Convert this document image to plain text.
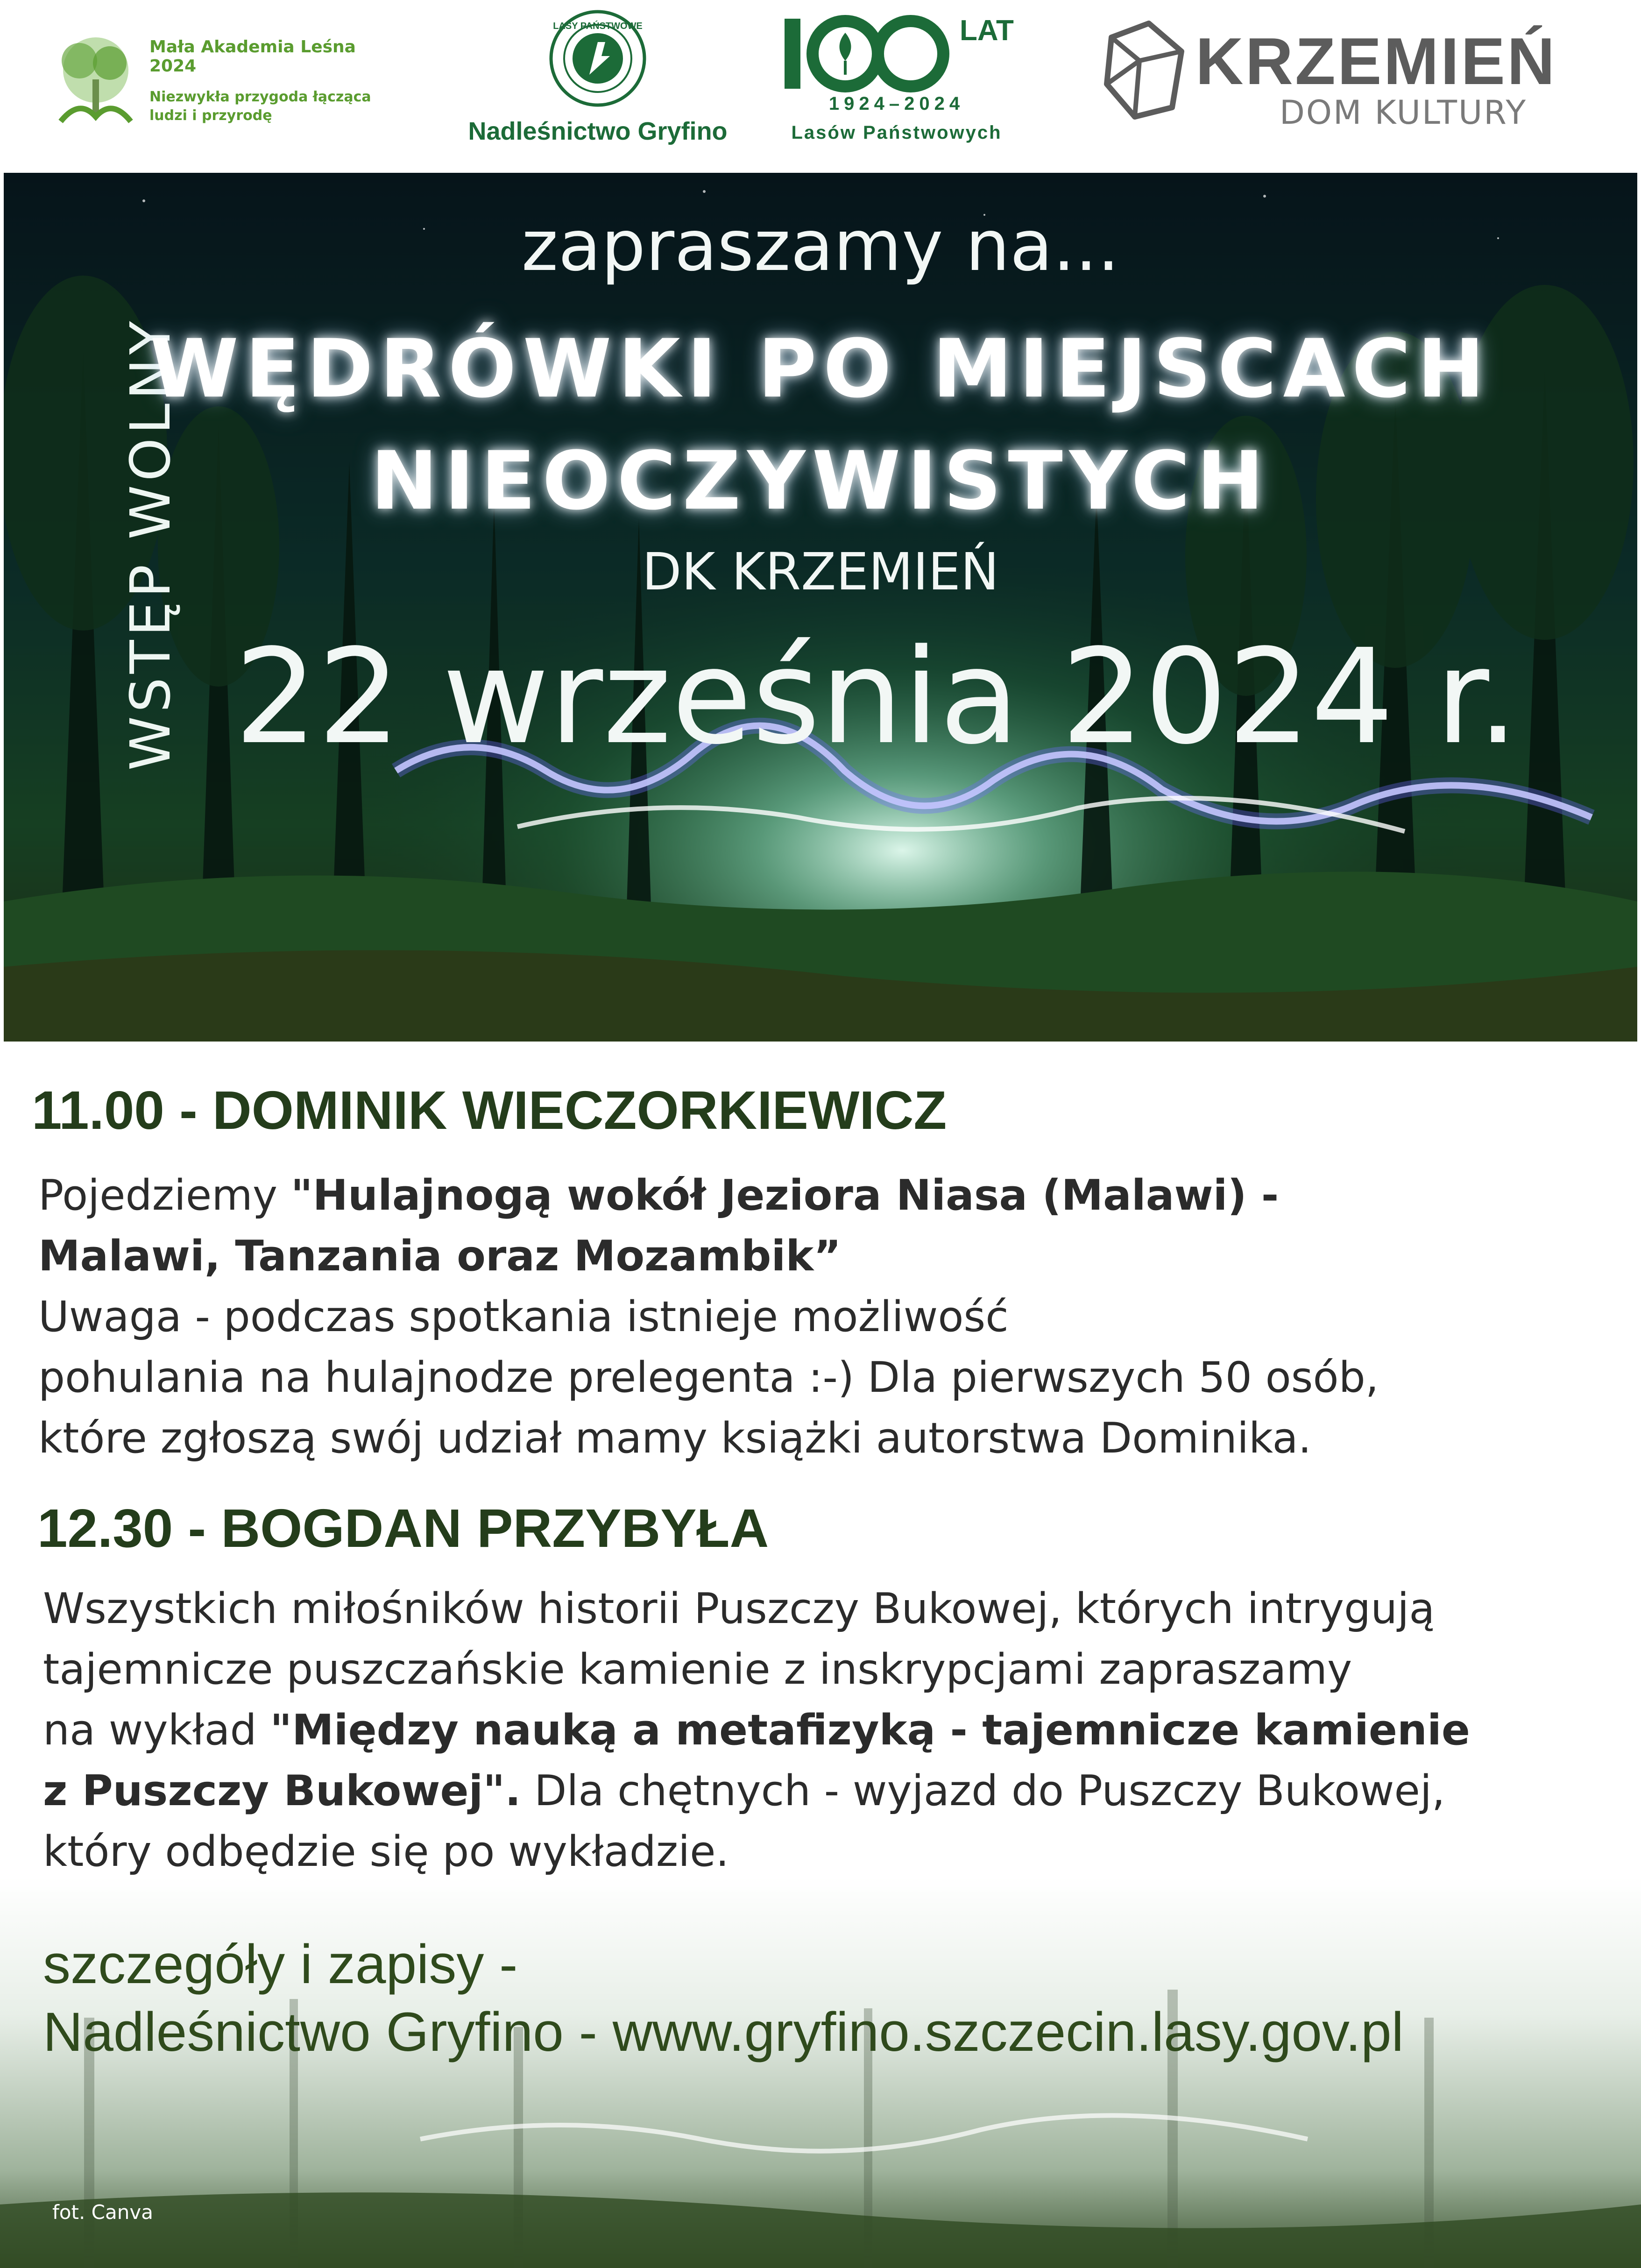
Mała Akademia Leśna 2024
Niezwykła przygoda łącząca ludzi i przyrodę
LASY PAŃSTWOWE
Nadleśnictwo Gryfino
LAT
1924–2024
Lasów Państwowych
KRZEMIEŃ
DOM KULTURY
WSTĘP WOLNY
zapraszamy na...
WĘDRÓWKI PO MIEJSCACH
NIEOCZYWISTYCH
DK KRZEMIEŃ
22 września 2024 r.
11.00 - DOMINIK WIECZORKIEWICZ
Pojedziemy "Hulajnogą wokół Jeziora Niasa (Malawi) -
Malawi, Tanzania oraz Mozambik”
Uwaga - podczas spotkania istnieje możliwość
pohulania na hulajnodze prelegenta :-) Dla pierwszych 50 osób,
które zgłoszą swój udział mamy książki autorstwa Dominika.
12.30 - BOGDAN PRZYBYŁA
Wszystkich miłośników historii Puszczy Bukowej, których intrygują
tajemnicze puszczańskie kamienie z inskrypcjami zapraszamy
na wykład "Między nauką a metafizyką - tajemnicze kamienie
z Puszczy Bukowej". Dla chętnych - wyjazd do Puszczy Bukowej,
który odbędzie się po wykładzie.
szczegóły i zapisy -
Nadleśnictwo Gryfino - www.gryfino.szczecin.lasy.gov.pl
fot. Canva
